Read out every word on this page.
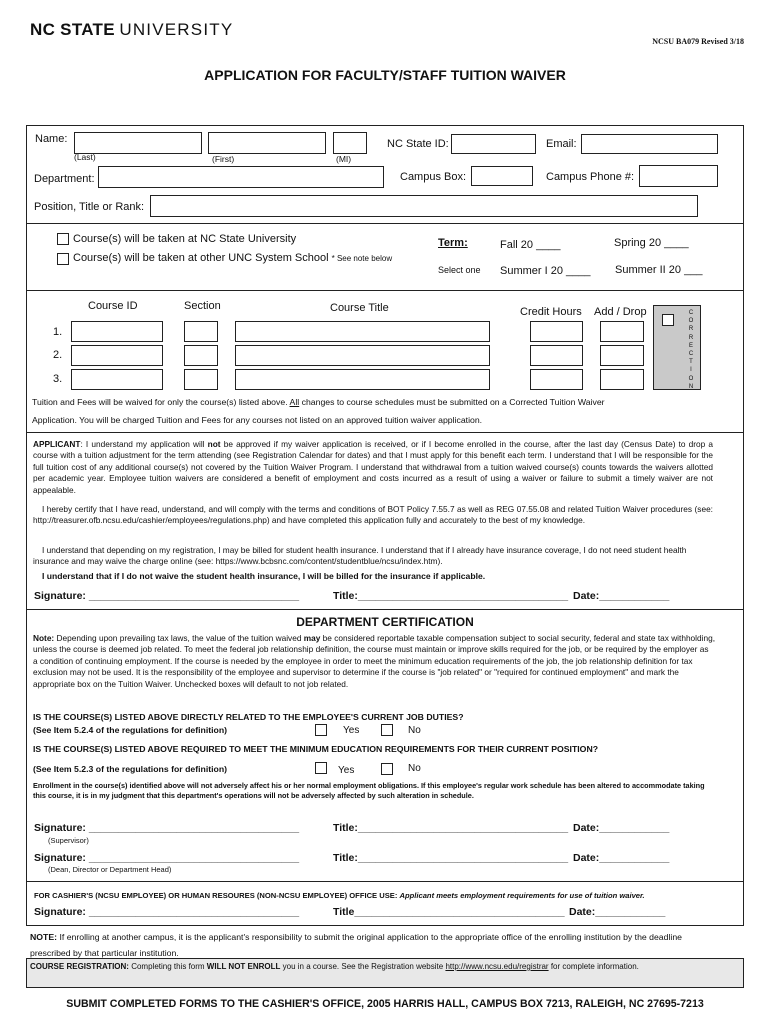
NC STATE UNIVERSITY
NCSU BA079 Revised 3/18
APPLICATION FOR FACULTY/STAFF TUITION WAIVER
Name:
(Last)	(First)	(MI)
NC State ID:	Email:
Department:	Campus Box:	Campus Phone #:
Position, Title or Rank:
Course(s) will be taken at NC State University
Course(s) will be taken at other UNC System School * See note below
Term:
Select one
Fall 20 ____	Spring 20 ____
Summer I 20 ____ Summer II 20 ___
Course ID	Section	Course Title	Credit Hours Add / Drop
1.
2.
3.
C
O
R
R
E
C
T
I
O
N
Tuition and Fees will be waived for only the course(s) listed above. All changes to course schedules must be submitted on a Corrected Tuition Waiver
Application. You will be charged Tuition and Fees for any courses not listed on an approved tuition waiver application.
APPLICANT: I understand my application will not be approved if my waiver application is received, or if I become enrolled in the course, after the last day (Census Date) to drop a course with a tuition adjustment for the term attending (see Registration Calendar for dates) and that I must apply for this benefit each term. I understand that I will be responsible for the full tuition cost of any additional course(s) not covered by the Tuition Waiver Program. I understand that withdrawal from a tuition waived course(s) counts towards the waivers allotted per academic year. Employee tuition waivers are considered a benefit of employment and costs incurred as a result of using a waiver or failure to submit a timely waiver are not appealable.
I hereby certify that I have read, understand, and will comply with the terms and conditions of BOT Policy 7.55.7 as well as REG 07.55.08 and related Tuition Waiver procedures (see: http://treasurer.ofb.ncsu.edu/cashier/employees/regulations.php) and have completed this application fully and accurately to the best of my knowledge.
I understand that depending on my registration, I may be billed for student health insurance. I understand that if I already have insurance coverage, I do not need student health insurance and may waive the charge online (see: https://www.bcbsnc.com/content/studentblue/ncsu/index.htm).
I understand that if I do not waive the student health insurance, I will be billed for the insurance if applicable.
Signature: ____________________________________	Title:____________________________________ Date:____________
DEPARTMENT CERTIFICATION
Note: Depending upon prevailing tax laws, the value of the tuition waived may be considered reportable taxable compensation subject to social security, federal and state tax withholding, unless the course is deemed job related. To meet the federal job relationship definition, the course must maintain or improve skills required for the job, or be required by the employer as a condition of continuing employment. If the course is needed by the employee in order to meet the minimum education requirements of the job, the job relationship definition for tax exclusion may not be used. It is the responsibility of the employee and supervisor to determine if the course is "job related" or "required for continued employment" and mark the appropriate box on the Tuition Waiver. Unchecked boxes will default to not job related.
IS THE COURSE(S) LISTED ABOVE DIRECTLY RELATED TO THE EMPLOYEE'S CURRENT JOB DUTIES?
(See Item 5.2.4 of the regulations for definition)	Yes	No
IS THE COURSE(S) LISTED ABOVE REQUIRED TO MEET THE MINIMUM EDUCATION REQUIREMENTS FOR THEIR CURRENT POSITION?
(See Item 5.2.3 of the regulations for definition)	Yes	No
Enrollment in the course(s) identified above will not adversely affect his or her normal employment obligations. If this employee's regular work schedule has been altered to accommodate taking this course, it is in my judgment that this department's operations will not be adversely affected by such alteration in schedule.
Signature: ____________________________________
(Supervisor)
Title:____________________________________ Date:____________
Signature: ____________________________________
(Dean, Director or Department Head)
Title:____________________________________ Date:____________
FOR CASHIER'S (NCSU EMPLOYEE) OR HUMAN RESOURES (NON-NCSU EMPLOYEE) OFFICE USE: Applicant meets employment requirements for use of tuition waiver.
Signature: ____________________________________	Title____________________________________ Date:____________
NOTE: If enrolling at another campus, it is the applicant's responsibility to submit the original application to the appropriate office of the enrolling institution by the deadline prescribed by that particular institution.
COURSE REGISTRATION: Completing this form WILL NOT ENROLL you in a course. See the Registration website http://www.ncsu.edu/registrar for complete information.
SUBMIT COMPLETED FORMS TO THE CASHIER'S OFFICE, 2005 HARRIS HALL, CAMPUS BOX 7213, RALEIGH, NC 27695-7213
